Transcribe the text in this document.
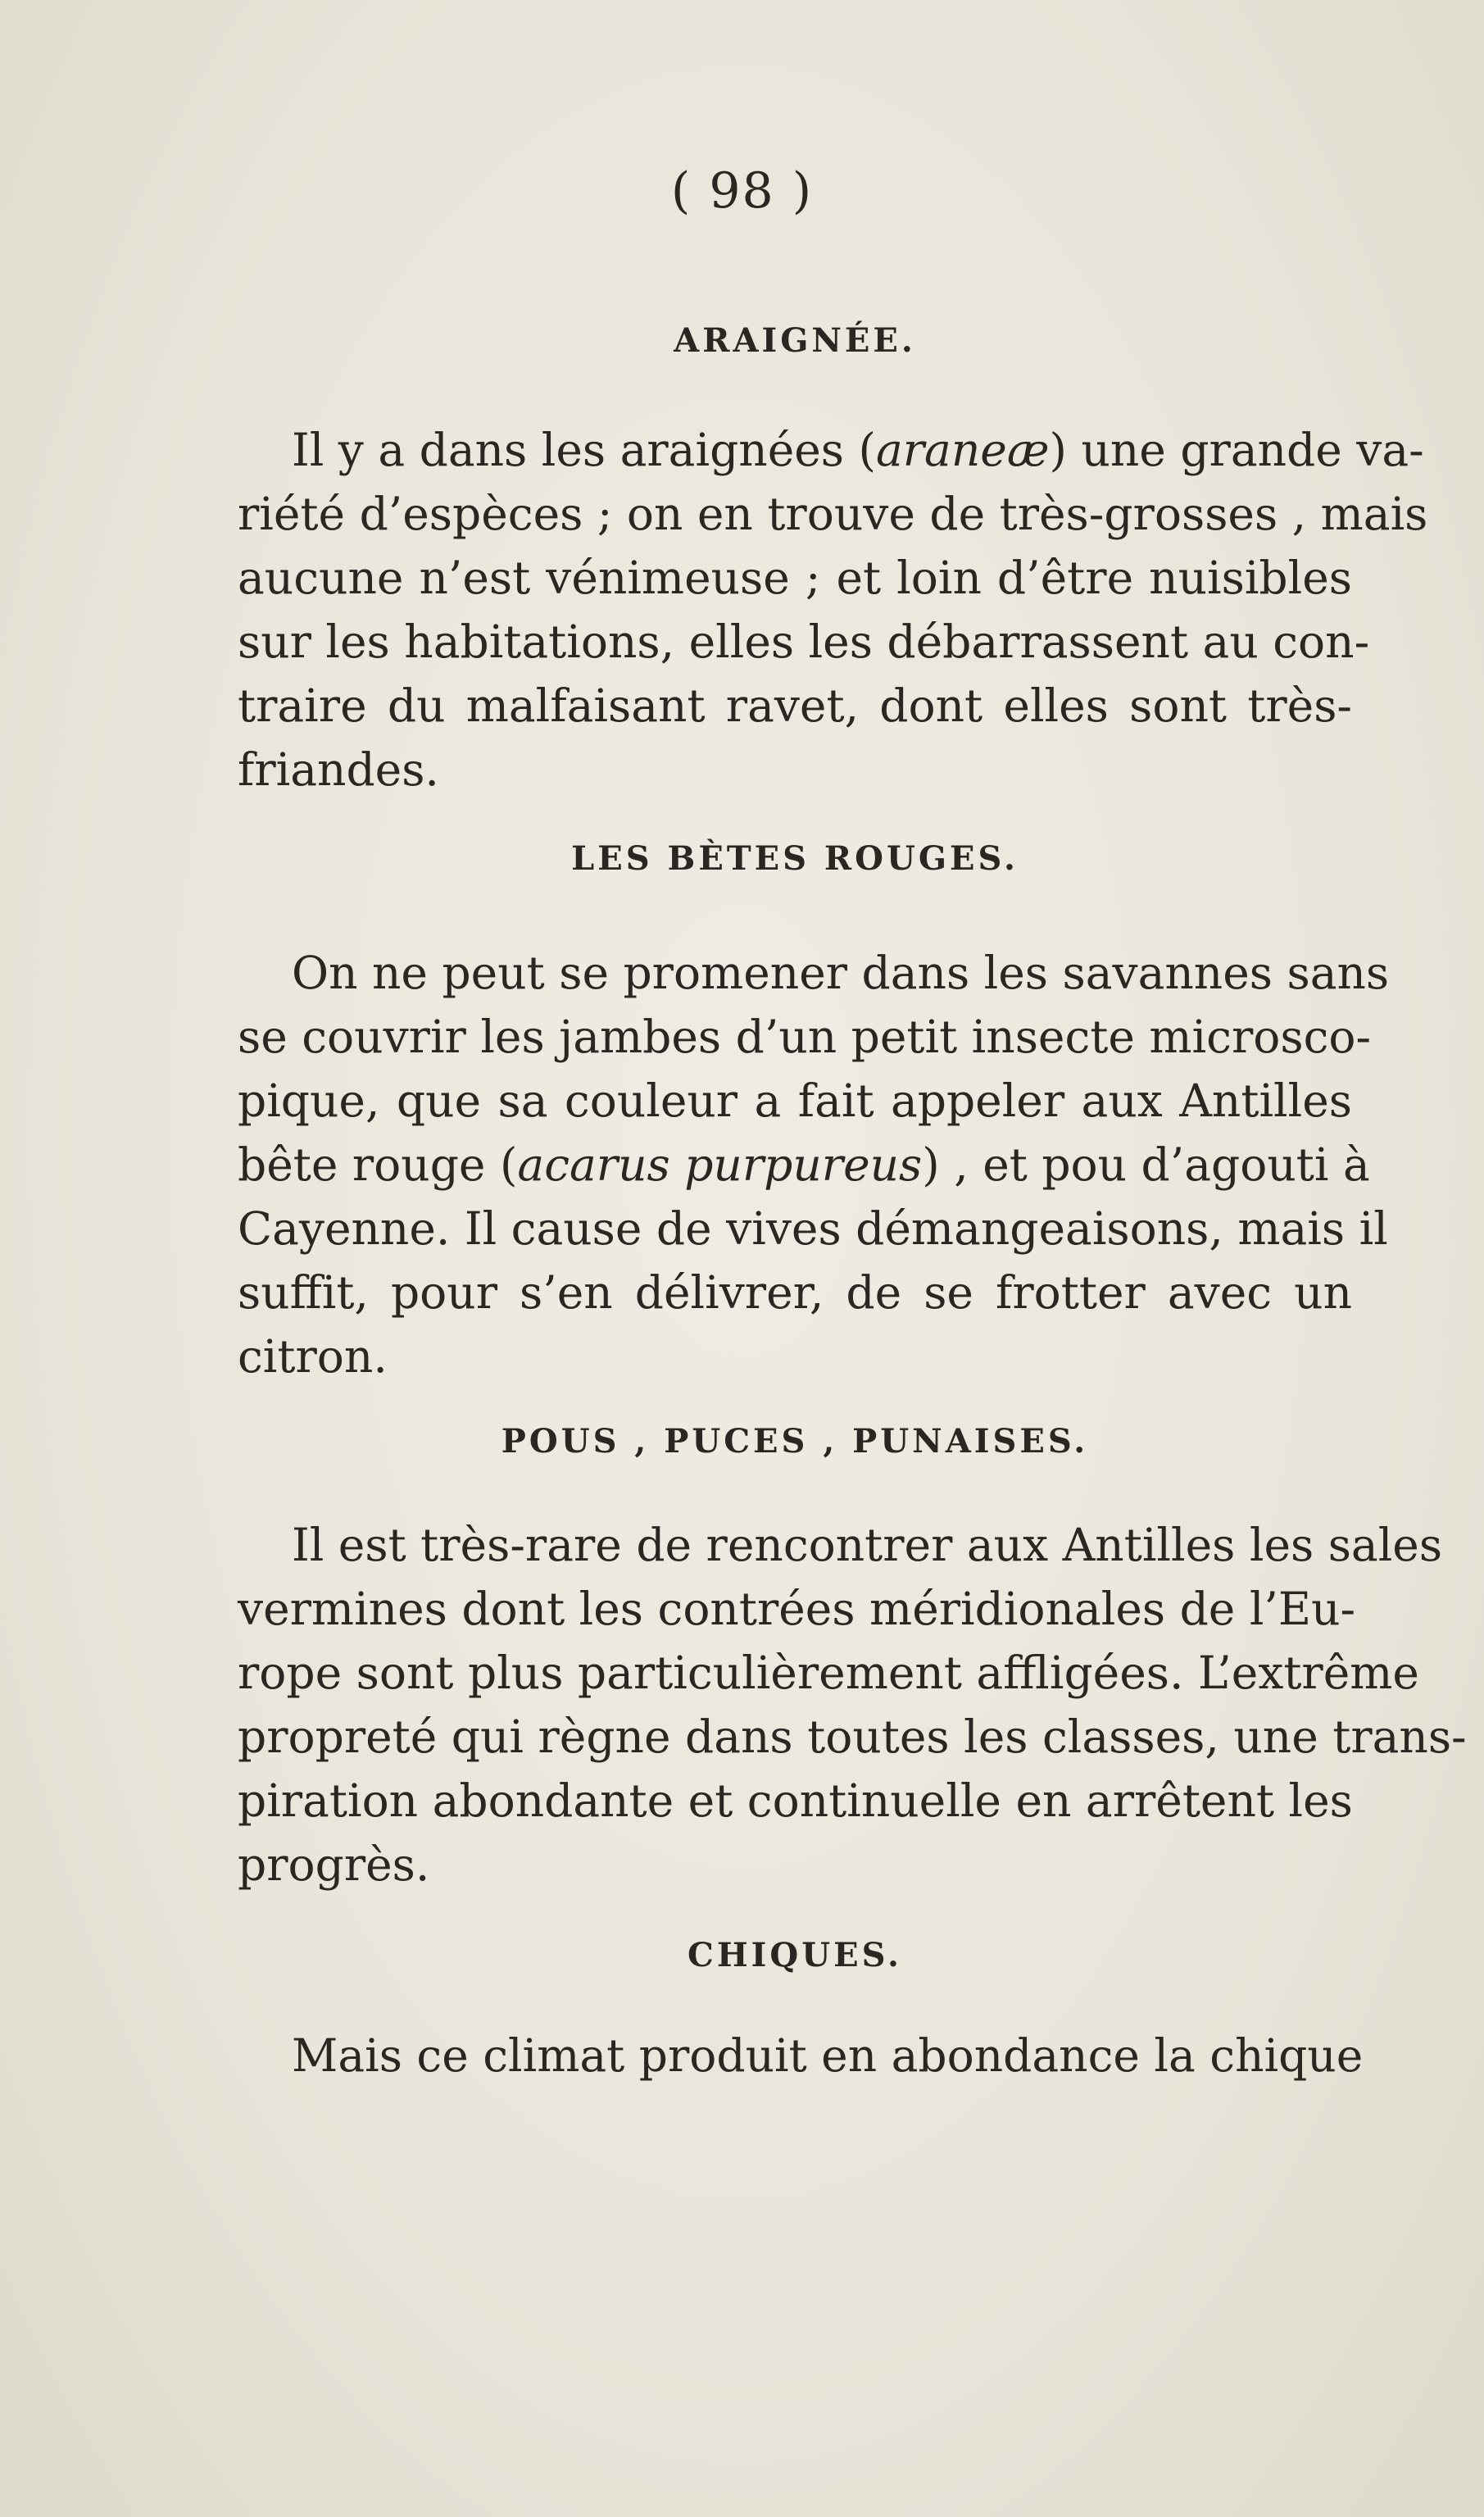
( 98 )
ARAIGNÉE.
Il y a dans les araignées (araneæ) une grande va-
riété d’espèces ; on en trouve de très-grosses , mais
aucune n’est vénimeuse ; et loin d’être nuisibles
sur les habitations, elles les débarrassent au con-
traire du malfaisant ravet, dont elles sont très-
friandes.
LES BÈTES ROUGES.
On ne peut se promener dans les savannes sans
se couvrir les jambes d’un petit insecte microsco-
pique, que sa couleur a fait appeler aux Antilles
bête rouge (acarus purpureus) , et pou d’agouti à
Cayenne. Il cause de vives démangeaisons, mais il
suffit, pour s’en délivrer, de se frotter avec un
citron.
POUS , PUCES , PUNAISES.
Il est très-rare de rencontrer aux Antilles les sales
vermines dont les contrées méridionales de l’Eu-
rope sont plus particulièrement affligées. L’extrême
propreté qui règne dans toutes les classes, une trans-
piration abondante et continuelle en arrêtent les
progrès.
CHIQUES.
Mais ce climat produit en abondance la chique
